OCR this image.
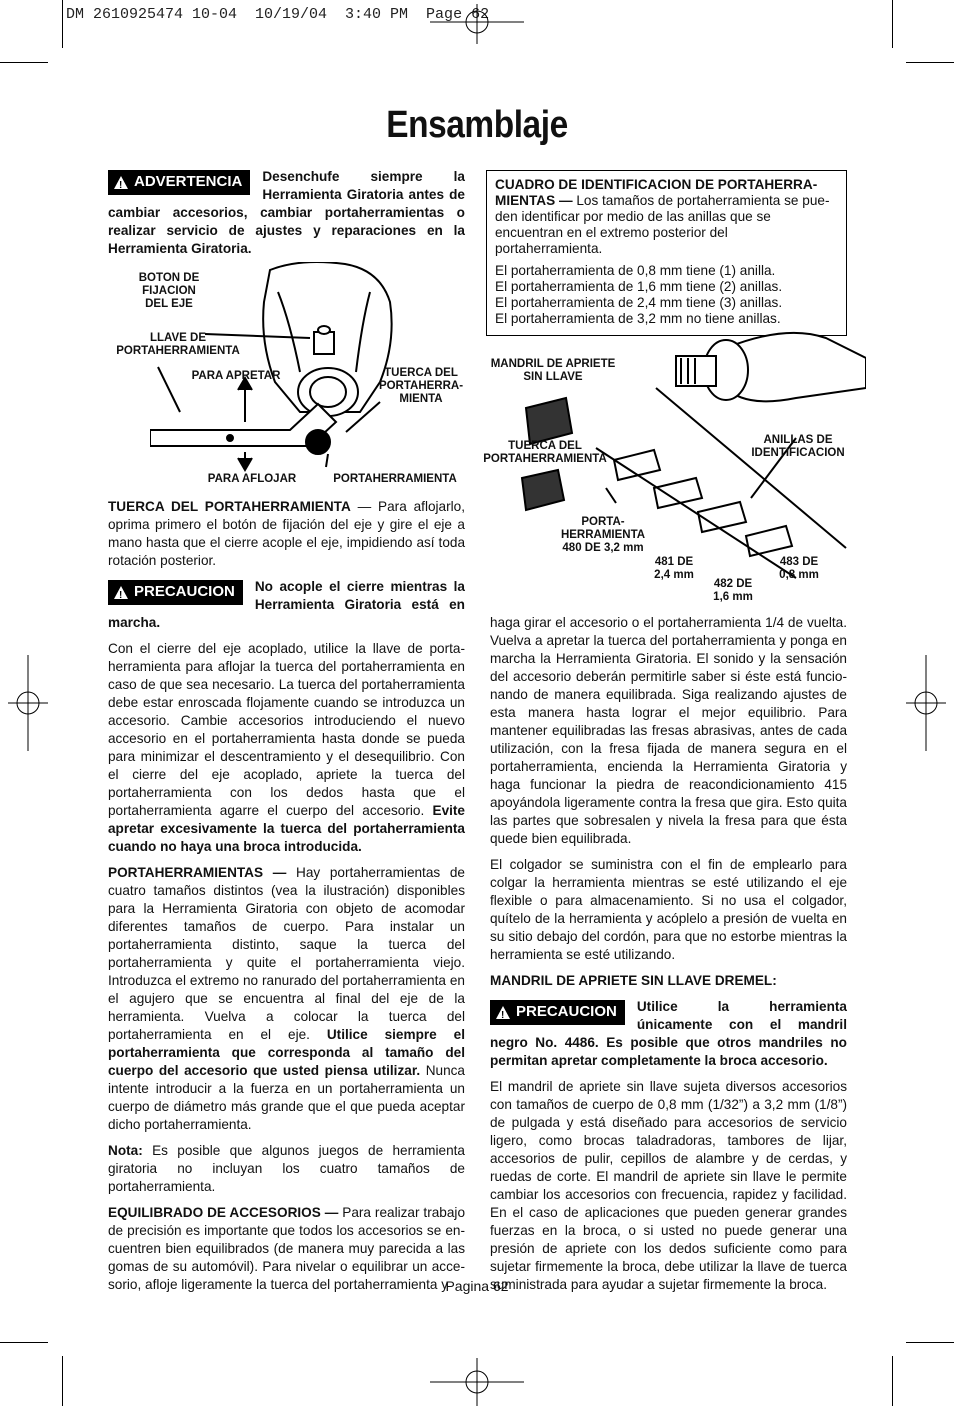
DM 2610925474 10-04  10/19/04  3:40 PM  Page 62
Ensamblaje

!
ADVERTENCIA Desenchufe siempre la Herramienta Giratoria antes de cambiar accesorios, cambiar portaherramientas o realizar servicio de ajustes y reparaciones en la Herramienta Giratoria.

BOTON DE FIJACION DEL EJE
LLAVE DE PORTAHERRAMIENTA
PARA APRETAR	TUERCA DEL PORTAHERRA-MIENTA
PARA AFLOJAR	PORTAHERRAMIENTA

TUERCA DEL PORTAHERRAMIENTA — Para aflojarlo, oprima primero el botón de fijación del eje y gire el eje a mano hasta que el cierre acople el eje, impidiendo así toda rotación posterior.

!
PRECAUCION No acople el cierre mientras la Herramienta Giratoria está en marcha.

Con el cierre del eje acoplado, utilice la llave de porta-herramienta para aflojar la tuerca del portaherramienta en caso de que sea necesario. La tuerca del portaherramienta debe estar enroscada flojamente cuando se introduzca un accesorio. Cambie accesorios introduciendo el nuevo accesorio en el portaherramienta hasta donde se pueda para minimizar el descentramiento y el desequilibrio. Con el cierre del eje acoplado, apriete la tuerca del portaherramienta con los dedos hasta que el portaherramienta agarre el cuerpo del accesorio. Evite apretar excesivamente la tuerca del portaherramienta cuando no haya una broca introducida.

PORTAHERRAMIENTAS — Hay portaherramientas de cuatro tamaños distintos (vea la ilustración) disponibles para la Herramienta Giratoria con objeto de acomodar diferentes tamaños de cuerpo. Para instalar un portaherramienta distinto, saque la tuerca del portaherramienta y quite el portaherramienta viejo. Introduzca el extremo no ranurado del portaherramienta en el agujero que se encuentra al final del eje de la herramienta. Vuelva a colocar la tuerca del portaherramienta en el eje. Utilice siempre el portaherramienta que corresponda al tamaño del cuerpo del accesorio que usted piensa utilizar. Nunca intente introducir a la fuerza en un portaherramienta un cuerpo de diámetro más grande que el que pueda aceptar dicho portaherramienta.

Nota: Es posible que algunos juegos de herramienta giratoria no incluyan los cuatro tamaños de portaherramienta.

EQUILIBRADO DE ACCESORIOS — Para realizar trabajo de precisión es importante que todos los accesorios se en-cuentren bien equilibrados (de manera muy parecida a las gomas de su automóvil). Para nivelar o equilibrar un acce-sorio, afloje ligeramente la tuerca del portaherramienta y

CUADRO DE IDENTIFICACION DE PORTAHERRA-MIENTAS — Los tamaños de portaherramienta se pue-den identificar por medio de las anillas que se encuentran en el extremo posterior del portaherramienta.

El portaherramienta de 0,8 mm tiene (1) anilla.
El portaherramienta de 1,6 mm tiene (2) anillas.
El portaherramienta de 2,4 mm tiene (3) anillas.
El portaherramienta de 3,2 mm no tiene anillas.
MANDRIL DE APRIETE SIN LLAVE
ANILLAS DE IDENTIFICACION
TUERCA DEL PORTAHERRAMIENTA
PORTA-HERRAMIENTA 480 DE 3,2 mm
481 DE 2,4 mm
482 DE 1,6 mm
483 DE 0,8 mm

haga girar el accesorio o el portaherramienta 1/4 de vuelta. Vuelva a apretar la tuerca del portaherramienta y ponga en marcha la Herramienta Giratoria. El sonido y la sensación del accesorio deberán permitirle saber si éste está funcio-nando de manera equilibrada. Siga realizando ajustes de esta manera hasta lograr el mejor equilibrio. Para mantener equilibradas las fresas abrasivas, antes de cada utilización, con la fresa fijada de manera segura en el portaherramienta, encienda la Herramienta Giratoria y haga funcionar la piedra de reacondicionamiento 415 apoyándola ligeramente contra la fresa que gira. Esto quita las partes que sobresalen y nivela la fresa para que ésta quede bien equilibrada.

El colgador se suministra con el fin de emplearlo para colgar la herramienta mientras se esté utilizando el eje flexible o para almacenamiento. Si no usa el colgador, quítelo de la herramienta y acóplelo a presión de vuelta en su sitio debajo del cordón, para que no estorbe mientras la herramienta se esté utilizando.

MANDRIL DE APRIETE SIN LLAVE DREMEL:

!
PRECAUCION Utilice la herramienta únicamente con el mandril negro No. 4486. Es posible que otros mandriles no permitan apretar completamente la broca accesorio.

El mandril de apriete sin llave sujeta diversos accesorios con tamaños de cuerpo de 0,8 mm (1/32”) a 3,2 mm (1/8”) de pulgada y está diseñado para accesorios de servicio ligero, como brocas taladradoras, tambores de lijar, accesorios de pulir, cepillos de alambre y de cerdas, y ruedas de corte. El mandril de apriete sin llave le permite cambiar los accesorios con frecuencia, rapidez y facilidad. En el caso de aplicaciones que pueden generar grandes fuerzas en la broca, o si usted no puede generar una presión de apriete con los dedos suficiente como para sujetar firmemente la broca, debe utilizar la llave de tuerca suministrada para ayudar a sujetar firmemente la broca.

Pagina 62
